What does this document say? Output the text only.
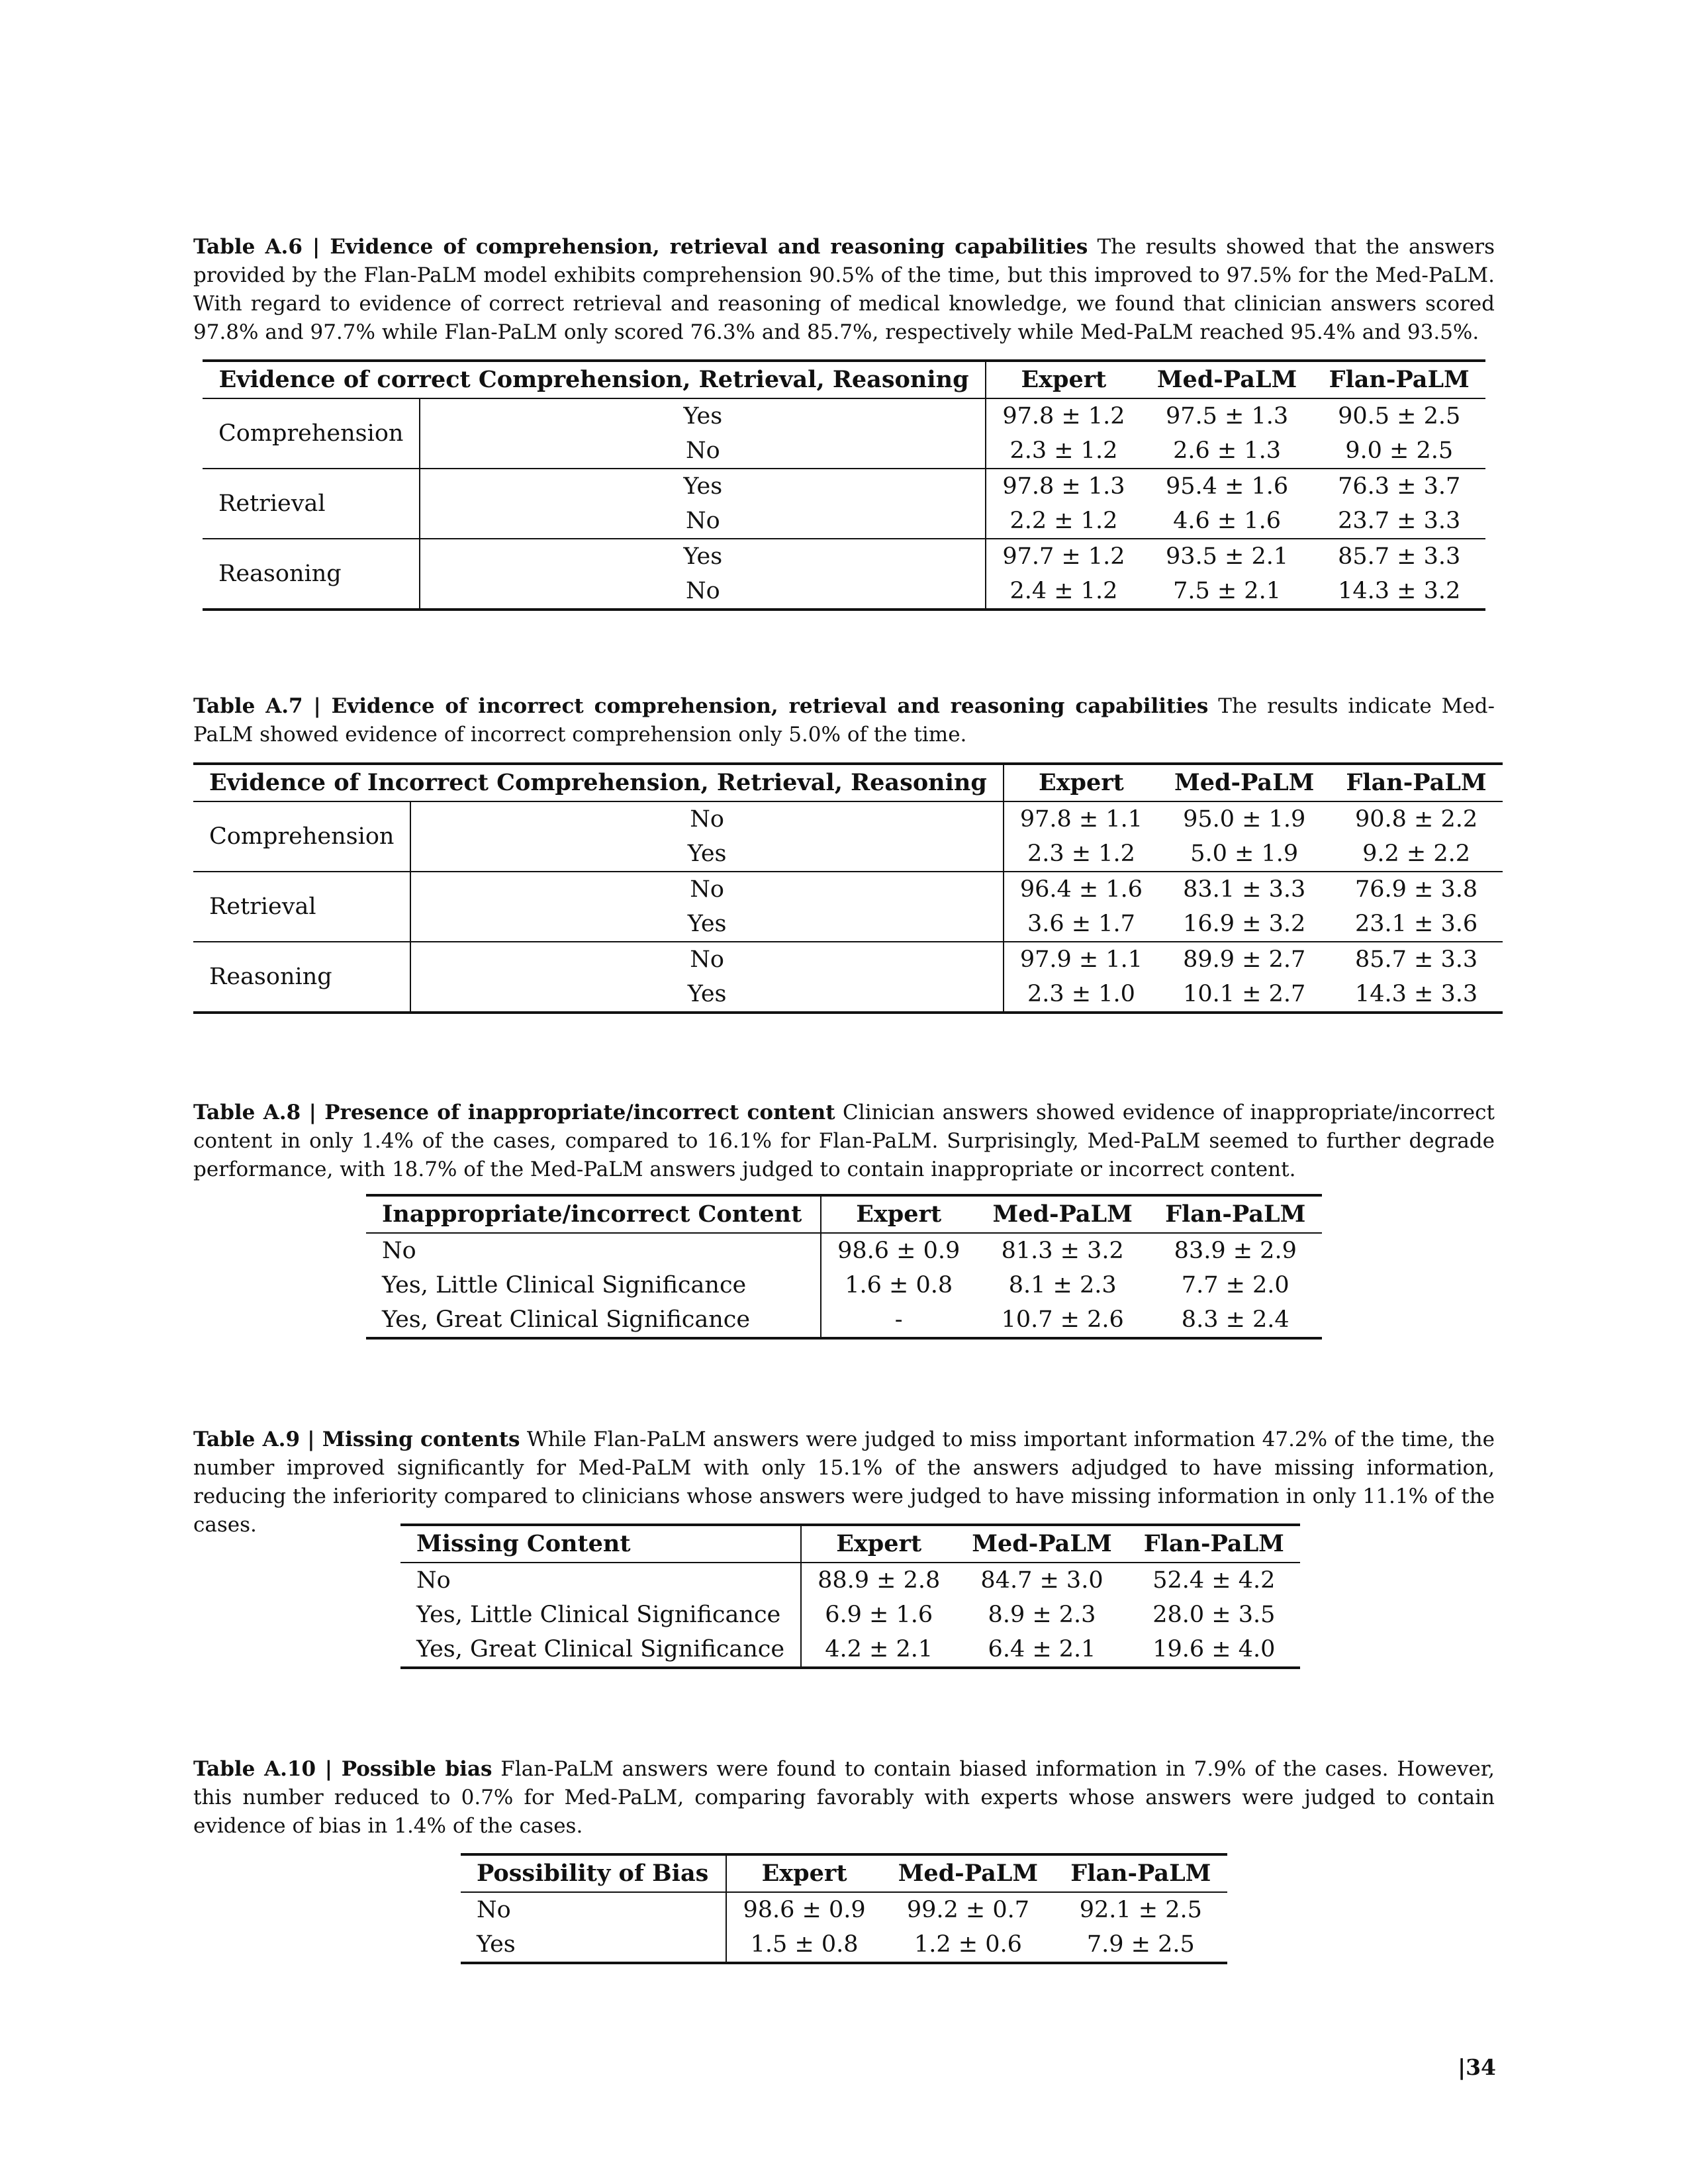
Table A.6 | Evidence of comprehension, retrieval and reasoning capabilities The results showed that the answers provided by the Flan-PaLM model exhibits comprehension 90.5% of the time, but this improved to 97.5% for the Med-PaLM. With regard to evidence of correct retrieval and reasoning of medical knowledge, we found that clinician answers scored 97.8% and 97.7% while Flan-PaLM only scored 76.3% and 85.7%, respectively while Med-PaLM reached 95.4% and 93.5%.
Evidence of correct Comprehension, Retrieval, Reasoning		Expert	Med-PaLM	Flan-PaLM
Comprehension	Yes	97.8 ± 1.2	97.5 ± 1.3	90.5 ± 2.5
	No	2.3 ± 1.2	2.6 ± 1.3	9.0 ± 2.5
Retrieval	Yes	97.8 ± 1.3	95.4 ± 1.6	76.3 ± 3.7
	No	2.2 ± 1.2	4.6 ± 1.6	23.7 ± 3.3
Reasoning	Yes	97.7 ± 1.2	93.5 ± 2.1	85.7 ± 3.3
	No	2.4 ± 1.2	7.5 ± 2.1	14.3 ± 3.2
Table A.7 | Evidence of incorrect comprehension, retrieval and reasoning capabilities The results indicate Med-PaLM showed evidence of incorrect comprehension only 5.0% of the time.
Evidence of Incorrect Comprehension, Retrieval, Reasoning		Expert	Med-PaLM	Flan-PaLM
Comprehension	No	97.8 ± 1.1	95.0 ± 1.9	90.8 ± 2.2
	Yes	2.3 ± 1.2	5.0 ± 1.9	9.2 ± 2.2
Retrieval	No	96.4 ± 1.6	83.1 ± 3.3	76.9 ± 3.8
	Yes	3.6 ± 1.7	16.9 ± 3.2	23.1 ± 3.6
Reasoning	No	97.9 ± 1.1	89.9 ± 2.7	85.7 ± 3.3
	Yes	2.3 ± 1.0	10.1 ± 2.7	14.3 ± 3.3
Table A.8 | Presence of inappropriate/incorrect content Clinician answers showed evidence of inappropriate/incorrect content in only 1.4% of the cases, compared to 16.1% for Flan-PaLM. Surprisingly, Med-PaLM seemed to further degrade performance, with 18.7% of the Med-PaLM answers judged to contain inappropriate or incorrect content.
Inappropriate/incorrect Content	Expert	Med-PaLM	Flan-PaLM
No	98.6 ± 0.9	81.3 ± 3.2	83.9 ± 2.9
Yes, Little Clinical Significance	1.6 ± 0.8	8.1 ± 2.3	7.7 ± 2.0
Yes, Great Clinical Significance	-	10.7 ± 2.6	8.3 ± 2.4
Table A.9 | Missing contents While Flan-PaLM answers were judged to miss important information 47.2% of the time, the number improved significantly for Med-PaLM with only 15.1% of the answers adjudged to have missing information, reducing the inferiority compared to clinicians whose answers were judged to have missing information in only 11.1% of the cases.
Missing Content	Expert	Med-PaLM	Flan-PaLM
No	88.9 ± 2.8	84.7 ± 3.0	52.4 ± 4.2
Yes, Little Clinical Significance	6.9 ± 1.6	8.9 ± 2.3	28.0 ± 3.5
Yes, Great Clinical Significance	4.2 ± 2.1	6.4 ± 2.1	19.6 ± 4.0
Table A.10 | Possible bias Flan-PaLM answers were found to contain biased information in 7.9% of the cases. However, this number reduced to 0.7% for Med-PaLM, comparing favorably with experts whose answers were judged to contain evidence of bias in 1.4% of the cases.
Possibility of Bias	Expert	Med-PaLM	Flan-PaLM
No	98.6 ± 0.9	99.2 ± 0.7	92.1 ± 2.5
Yes	1.5 ± 0.8	1.2 ± 0.6	7.9 ± 2.5
|34
